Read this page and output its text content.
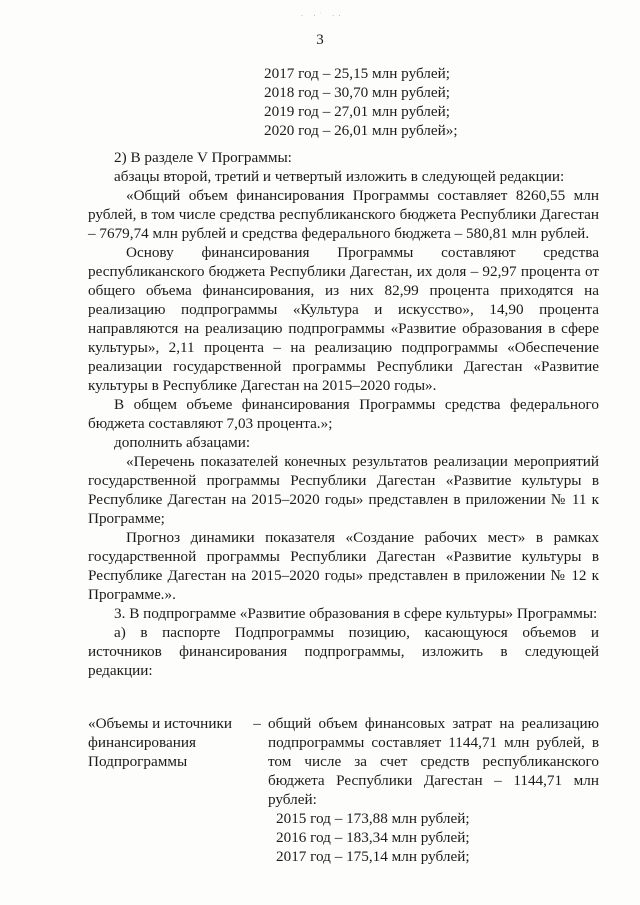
· ·˙ ··
3
2017 год – 25,15 млн рублей;
2018 год – 30,70 млн рублей;
2019 год – 27,01 млн рублей;
2020 год – 26,01 млн рублей»;

2) В разделе V Программы:

абзацы второй, третий и четвертый изложить в следующей редакции:

«Общий объем финансирования Программы составляет 8260,55 млн рублей, в том числе средства республиканского бюджета Республики Дагестан – 7679,74 млн рублей и средства федерального бюджета – 580,81 млн рублей.

Основу финансирования Программы составляют средства республиканского бюджета Республики Дагестан, их доля – 92,97 процента от общего объема финансирования, из них 82,99 процента приходятся на реализацию подпрограммы «Культура и искусство», 14,90 процента направляются на реализацию подпрограммы «Развитие образования в сфере культуры», 2,11 процента – на реализацию подпрограммы «Обеспечение реализации государственной программы Республики Дагестан «Развитие культуры в Республике Дагестан на 2015–2020 годы».

В общем объеме финансирования Программы средства федерального бюджета составляют 7,03 процента.»;

дополнить абзацами:

«Перечень показателей конечных результатов реализации мероприятий государственной программы Республики Дагестан «Развитие культуры в Республике Дагестан на 2015–2020 годы» представлен в приложении № 11 к Программе;

Прогноз динамики показателя «Создание рабочих мест» в рамках государственной программы Республики Дагестан «Развитие культуры в Республике Дагестан на 2015–2020 годы» представлен в приложении № 12 к Программе.».

3. В подпрограмме «Развитие образования в сфере культуры» Программы:

а) в паспорте Подпрограммы позицию, касающуюся объемов и источников финансирования подпрограммы, изложить в следующей редакции:

«Объемы и источники финансирования Подпрограммы
– общий объем финансовых затрат на реализацию подпрограммы составляет 1144,71 млн рублей, в том числе за счет средств республиканского бюджета Республики Дагестан – 1144,71 млн рублей:

2015 год – 173,88 млн рублей;
2016 год – 183,34 млн рублей;
2017 год – 175,14 млн рублей;
